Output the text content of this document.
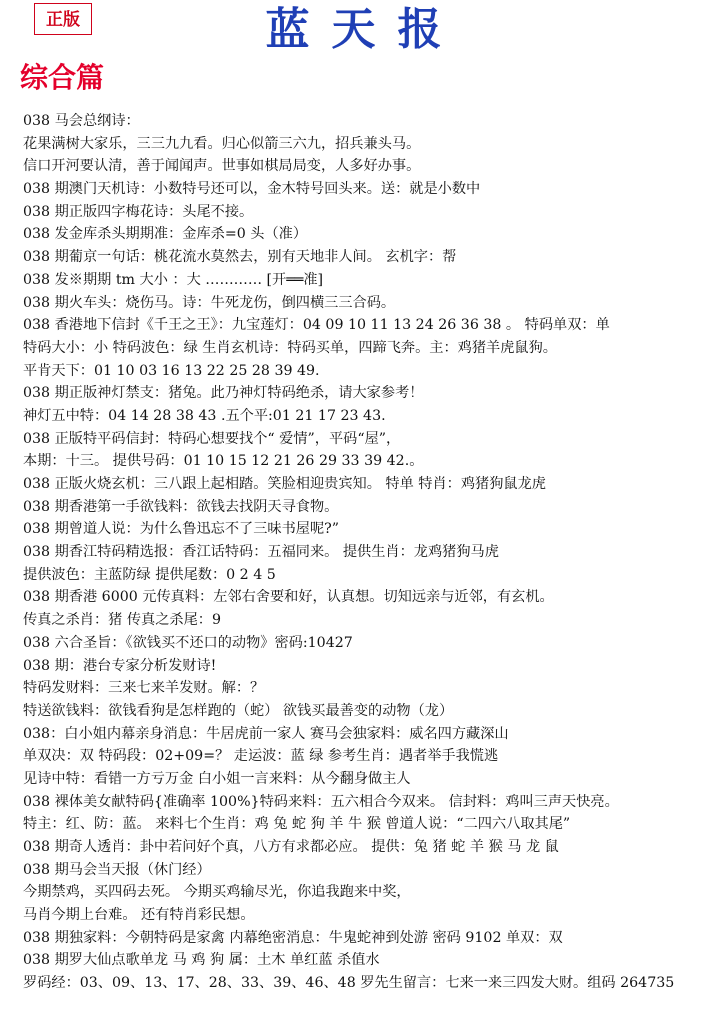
正版	蓝天报
综合篇
038 马会总纲诗：
花果满树大家乐，三三九九看。归心似箭三六九，招兵兼头马。
信口开河要认清，善于闻闻声。世事如棋局局变，人多好办事。
038 期澳门天机诗：小数特号还可以，金木特号回头来。送：就是小数中
038 期正版四字梅花诗：头尾不接。
038 发金库杀头期期准：金库杀=0 头（准）
038 期葡京一句话：桃花流水莫然去，别有天地非人间。 玄机字：帮
038 发※期期 tm 大小 ：大 ………… [开══准]
038 期火车头：烧伤马。诗：牛死龙伤，倒四横三三合码。
038 香港地下信封《千王之王》：九宝莲灯：04 09 10 11 13 24 26 36 38 。 特码单双：单
特码大小：小 特码波色：绿 生肖玄机诗：特码买单，四蹄飞奔。主：鸡猪羊虎鼠狗。
平肯天下：01 10 03 16 13 22 25 28 39 49.
038 期正版神灯禁支：猪兔。此乃神灯特码绝杀，请大家参考！
神灯五中特：04 14 28 38 43 .五个平:01 21 17 23 43.
038 正版特平码信封：特码心想要找个“ 爱情”，平码“屋”，
本期：十三。 提供号码：01 10 15 12 21 26 29 33 39 42.。
038 正版火烧玄机：三八跟上起相踏。笑脸相迎贵宾知。 特单 特肖：鸡猪狗鼠龙虎
038 期香港第一手欲钱料：欲钱去找阴天寻食物。
038 期曾道人说：为什么鲁迅忘不了三味书屋呢?”
038 期香江特码精选报：香江话特码：五福同来。 提供生肖：龙鸡猪狗马虎
提供波色：主蓝防绿 提供尾数：0 2 4 5
038 期香港 6000 元传真料：左邻右舍要和好，认真想。切知远亲与近邻，有玄机。
传真之杀肖：猪 传真之杀尾：9
038 六合圣旨：《欲钱买不还口的动物》密码:10427
038 期：港台专家分析发财诗!
特码发财料：三来七来羊发财。解：？
特送欲钱料：欲钱看狗是怎样跑的（蛇） 欲钱买最善变的动物（龙）
038：白小姐内幕亲身消息：牛居虎前一家人 赛马会独家料：威名四方藏深山
单双决：双 特码段：02+09=？ 走运波：蓝 绿 参考生肖：遇者举手我慌逃
见诗中特：看错一方亏万金 白小姐一言来料：从今翻身做主人
038 裸体美女献特码{准确率 100%}特码来料：五六相合今双来。 信封料：鸡叫三声天快亮。
特主：红、防：蓝。 来料七个生肖：鸡 兔 蛇 狗 羊 牛 猴 曾道人说：“二四六八取其尾”
038 期奇人透肖：卦中若问好个真，八方有求都必应。 提供：兔 猪 蛇 羊 猴 马 龙 鼠
038 期马会当天报（休门经）
今期禁鸡，买四码去死。 今期买鸡输尽光，你追我跑来中奖，
马肖今期上台难。 还有特肖彩民想。
038 期独家料：今朝特码是家禽 内幕绝密消息：牛鬼蛇神到处游 密码 9102 单双：双
038 期罗大仙点歌单龙 马 鸡 狗 属：土木 单红蓝 杀值水
罗码经：03、09、13、17、28、33、39、46、48 罗先生留言：七来一来三四发大财。组码 264735
